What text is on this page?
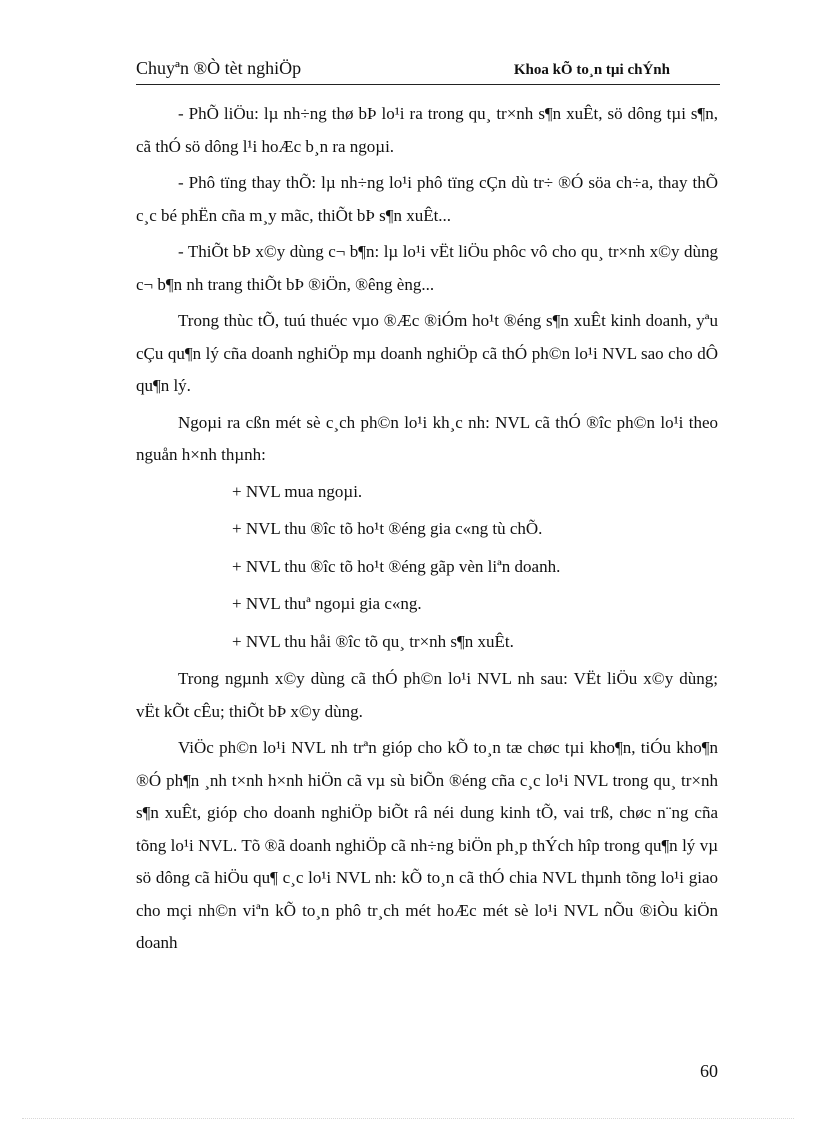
Chuyªn ®Ò tèt nghiÖp	Khoa kÕ to¸n tµi chÝnh

- PhÕ liÖu: lµ nh÷ng thø bÞ lo¹i ra trong qu¸ tr×nh s¶n xuÊt, sö dông tµi s¶n, cã thÓ sö dông l¹i hoÆc b¸n ra ngoµi.

- Phô tïng thay thÕ: lµ nh÷ng lo¹i phô tïng cÇn dù tr÷ ®Ó söa ch÷a, thay thÕ c¸c bé phËn cña m¸y mãc, thiÕt bÞ s¶n xuÊt...

- ThiÕt bÞ x©y dùng c¬ b¶n: lµ lo¹i vËt liÖu phôc vô cho qu¸ tr×nh x©y dùng c¬ b¶n nh trang thiÕt bÞ ®iÖn, ®êng èng...

Trong thùc tÕ, tuú thuéc vµo ®Æc ®iÓm ho¹t ®éng s¶n xuÊt kinh doanh, yªu cÇu qu¶n lý cña doanh nghiÖp mµ doanh nghiÖp cã thÓ ph©n lo¹i NVL sao cho dÔ qu¶n lý.

Ngoµi ra cßn mét sè c¸ch ph©n lo¹i kh¸c nh: NVL cã thÓ ®îc ph©n lo¹i theo nguån h×nh thµnh:

+ NVL mua ngoµi.
+ NVL thu ®îc tõ ho¹t ®éng gia c«ng tù chÕ.
+ NVL thu ®îc tõ ho¹t ®éng gãp vèn liªn doanh.
+ NVL thuª ngoµi gia c«ng.
+ NVL thu håi ®îc tõ qu¸ tr×nh s¶n xuÊt.

Trong ngµnh x©y dùng cã thÓ ph©n lo¹i NVL nh sau: VËt liÖu x©y dùng; vËt kÕt cÊu; thiÕt bÞ x©y dùng.

ViÖc ph©n lo¹i NVL nh trªn gióp cho kÕ to¸n tæ chøc tµi kho¶n, tiÓu kho¶n ®Ó ph¶n ¸nh t×nh h×nh hiÖn cã vµ sù biÕn ®éng cña c¸c lo¹i NVL trong qu¸ tr×nh s¶n xuÊt, gióp cho doanh nghiÖp biÕt râ néi dung kinh tÕ, vai trß, chøc n¨ng cña tõng lo¹i NVL. Tõ ®ã doanh nghiÖp cã nh÷ng biÖn ph¸p thÝch hîp trong qu¶n lý vµ sö dông cã hiÖu qu¶ c¸c lo¹i NVL nh: kÕ to¸n cã thÓ chia NVL thµnh tõng lo¹i giao cho mçi nh©n viªn kÕ to¸n phô tr¸ch mét hoÆc mét sè lo¹i NVL nÕu ®iÒu kiÖn doanh

60
